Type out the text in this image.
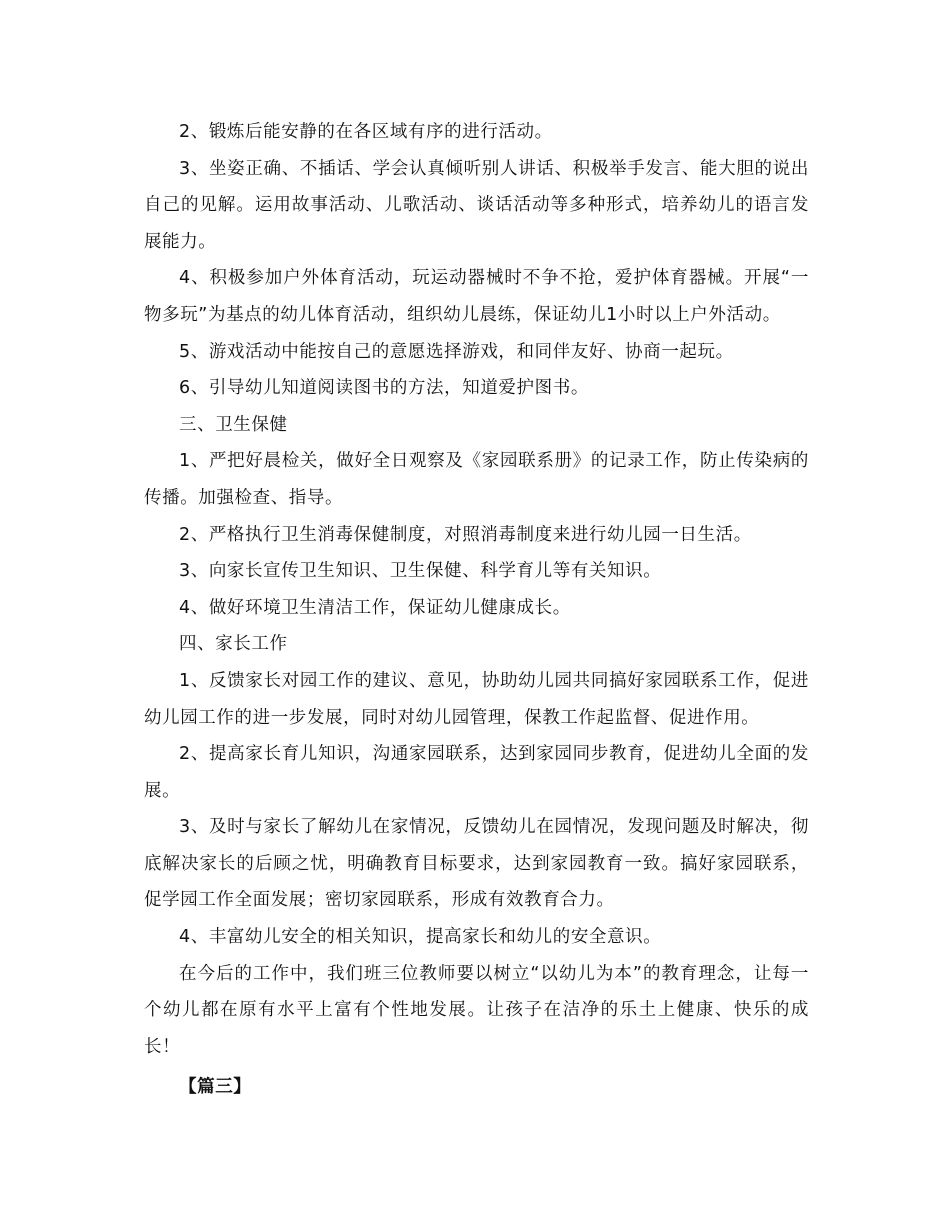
2、锻炼后能安静的在各区域有序的进行活动。

3、坐姿正确、不插话、学会认真倾听别人讲话、积极举手发言、能大胆的说出自己的见解。运用故事活动、儿歌活动、谈话活动等多种形式，培养幼儿的语言发展能力。

4、积极参加户外体育活动，玩运动器械时不争不抢，爱护体育器械。开展“一物多玩”为基点的幼儿体育活动，组织幼儿晨练，保证幼儿1小时以上户外活动。

5、游戏活动中能按自己的意愿选择游戏，和同伴友好、协商一起玩。

6、引导幼儿知道阅读图书的方法，知道爱护图书。

三、卫生保健

1、严把好晨检关，做好全日观察及《家园联系册》的记录工作，防止传染病的传播。加强检查、指导。

2、严格执行卫生消毒保健制度，对照消毒制度来进行幼儿园一日生活。

3、向家长宣传卫生知识、卫生保健、科学育儿等有关知识。

4、做好环境卫生清洁工作，保证幼儿健康成长。

四、家长工作

1、反馈家长对园工作的建议、意见，协助幼儿园共同搞好家园联系工作，促进幼儿园工作的进一步发展，同时对幼儿园管理，保教工作起监督、促进作用。

2、提高家长育儿知识，沟通家园联系，达到家园同步教育，促进幼儿全面的发展。

3、及时与家长了解幼儿在家情况，反馈幼儿在园情况，发现问题及时解决，彻底解决家长的后顾之忧，明确教育目标要求，达到家园教育一致。搞好家园联系，促学园工作全面发展；密切家园联系，形成有效教育合力。

4、丰富幼儿安全的相关知识，提高家长和幼儿的安全意识。

在今后的工作中，我们班三位教师要以树立“以幼儿为本”的教育理念，让每一个幼儿都在原有水平上富有个性地发展。让孩子在洁净的乐土上健康、快乐的成长！

【篇三】
